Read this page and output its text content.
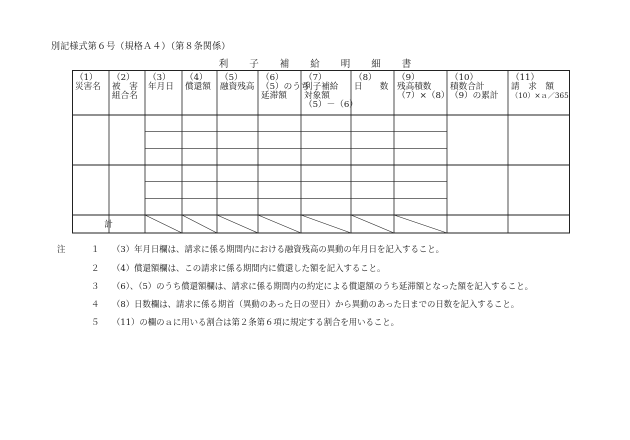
別記様式第６号（規格Ａ４）（第８条関係）
利子補給明細書
（1）
災害名
（2）
被　害
組合名
（3）
年月日
（4）
償還額
（5）
融資残高
（6）
（5）のうち
延滞額
（7）
利子補給
対象額
（5）－（6）
（8）
日　　数
（9）
残高積数
（7）×（8）
（10）
積数合計
（9）の累計
（11）
請　求　額
（10）×ａ／365
計
注	１ （3）年月日欄は、請求に係る期間内における融資残高の異動の年月日を記入すること。
２ （4）償還額欄は、この請求に係る期間内に償還した額を記入すること。
３ （6）、（5）のうち償還額欄は、請求に係る期間内の約定による償還額のうち延滞額となった額を記入すること。
４ （8）日数欄は、請求に係る期首（異動のあった日の翌日）から異動のあった日までの日数を記入すること。
５ （11）の欄のａに用いる割合は第２条第６項に規定する割合を用いること。
